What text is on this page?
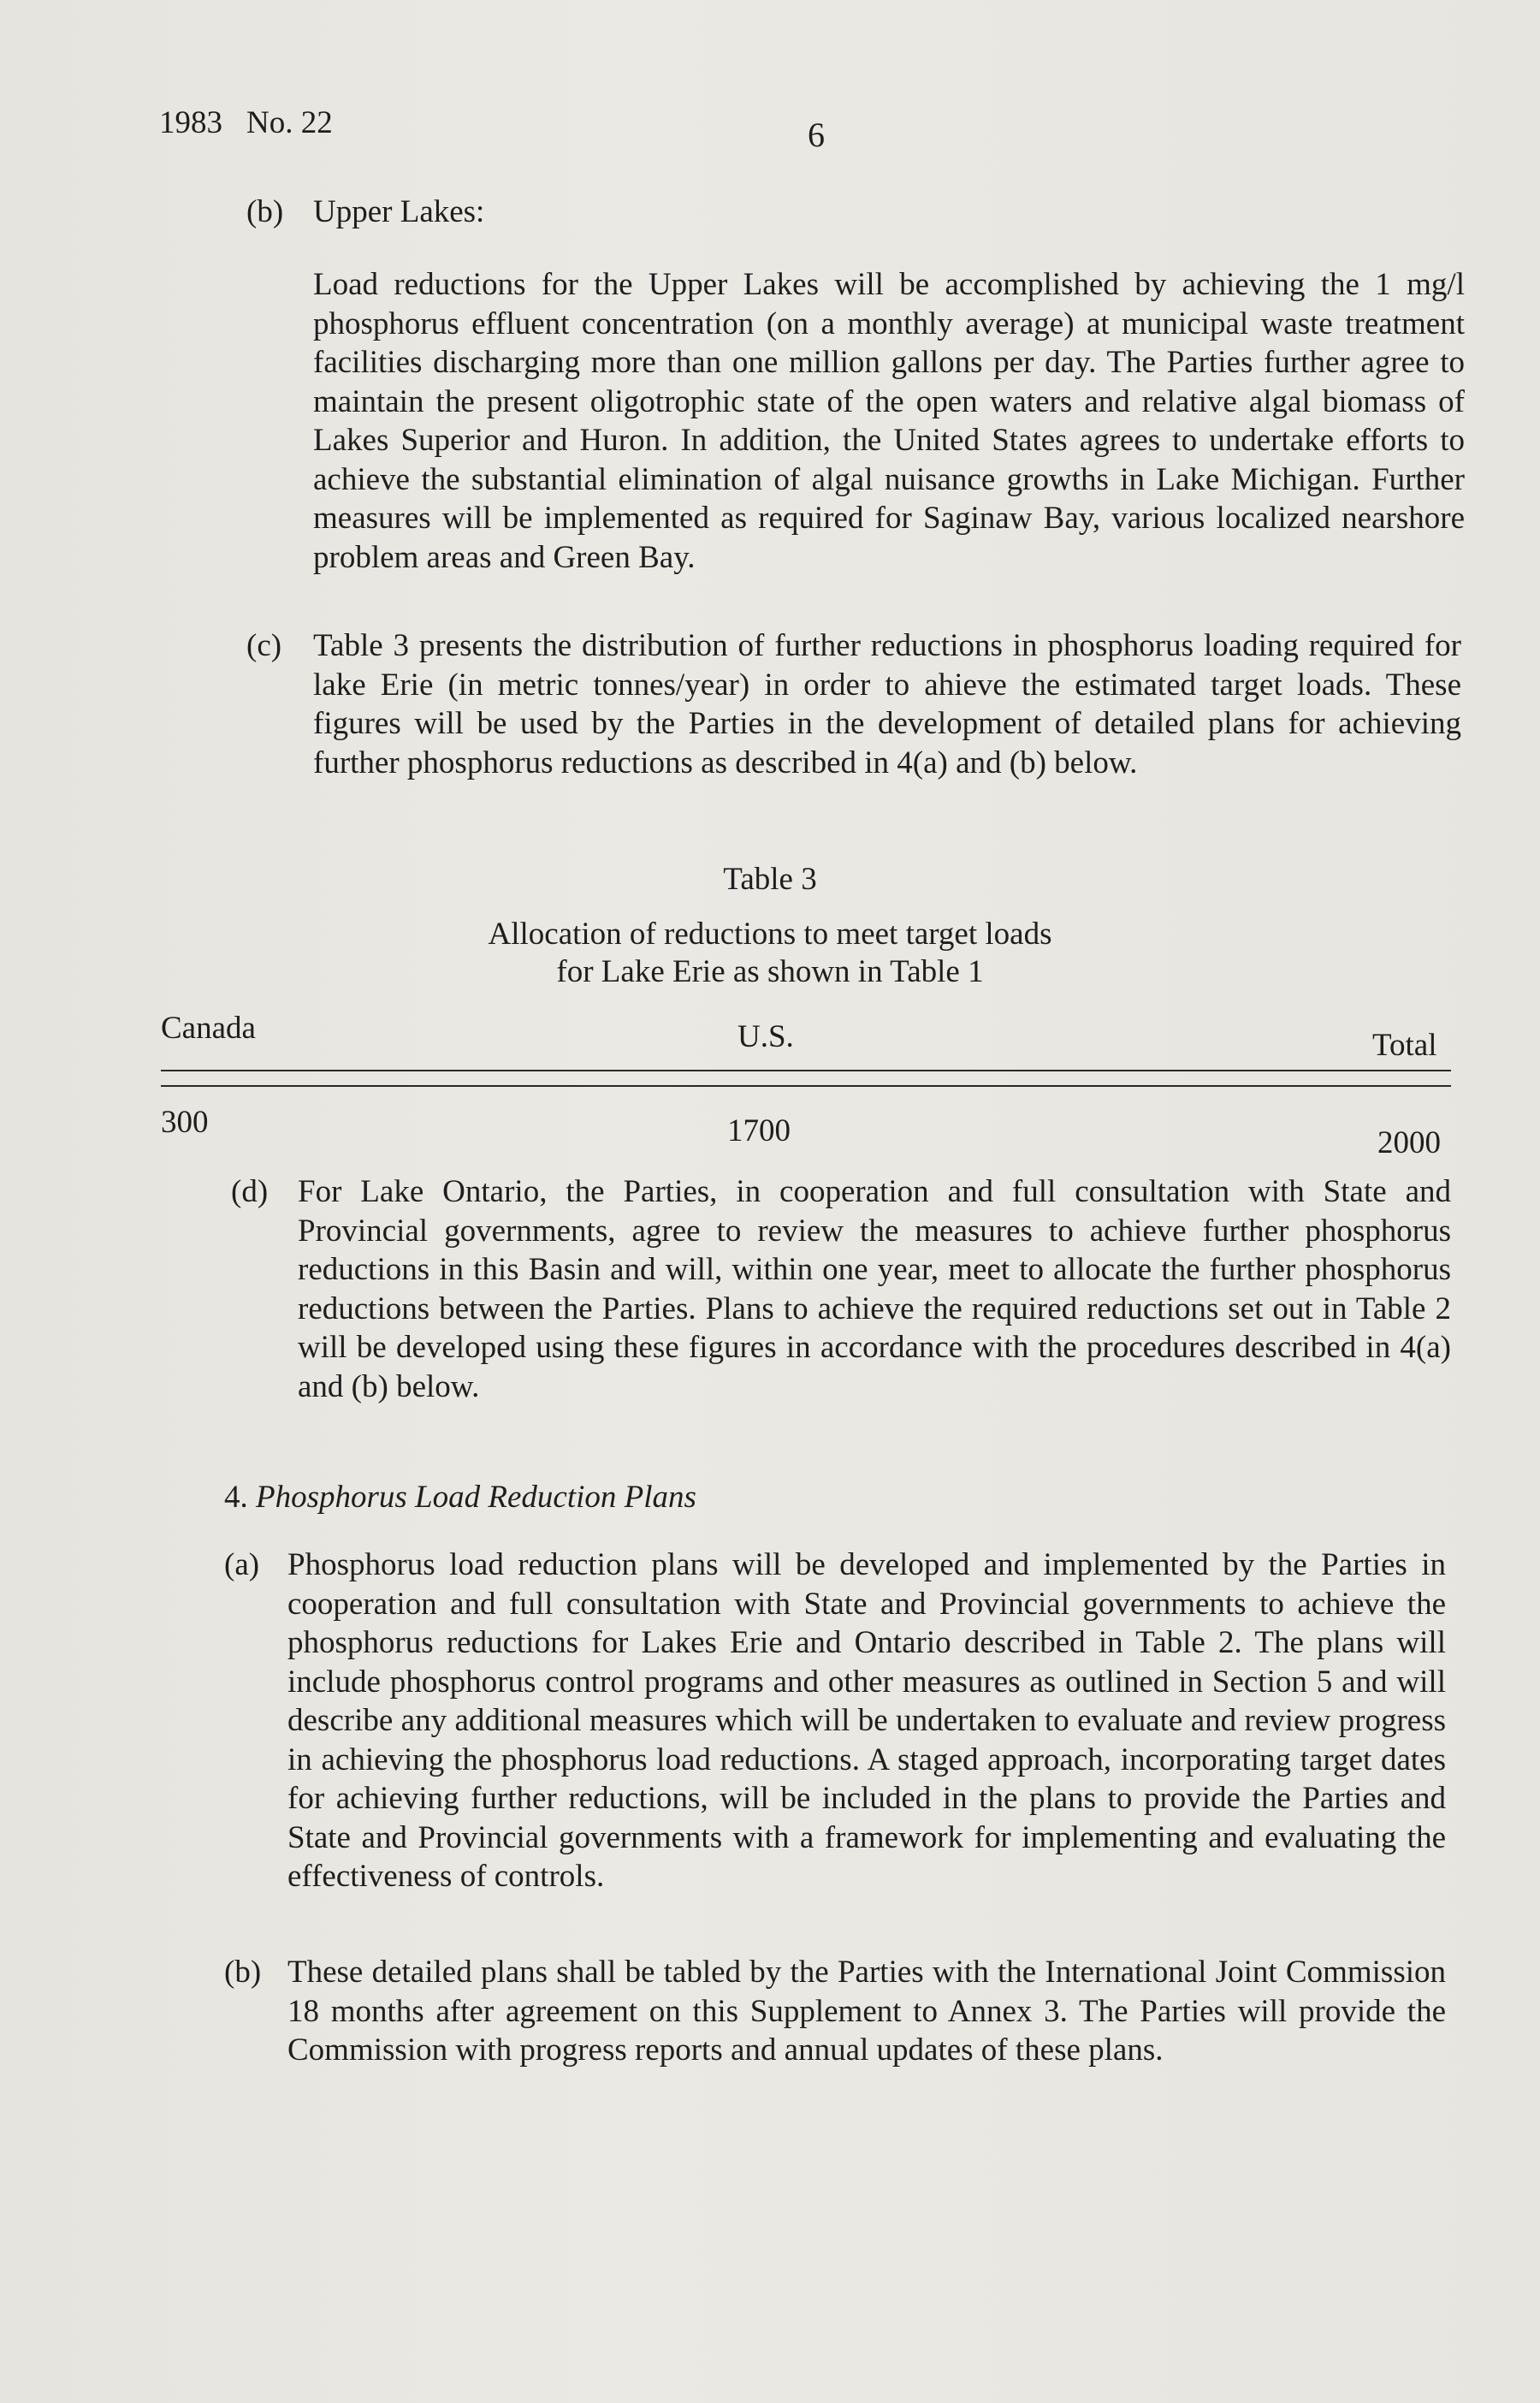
1983 No. 22	6
(b) Upper Lakes:
Load reductions for the Upper Lakes will be accomplished by achieving the 1 mg/l phosphorus effluent concentration (on a monthly average) at municipal waste treatment facilities discharging more than one million gallons per day. The Parties further agree to maintain the present oligotrophic state of the open waters and relative algal biomass of Lakes Superior and Huron. In addition, the United States agrees to undertake efforts to achieve the substantial elimination of algal nuisance growths in Lake Michigan. Further measures will be implemented as required for Saginaw Bay, various localized nearshore problem areas and Green Bay.
(c) Table 3 presents the distribution of further reductions in phosphorus loading required for lake Erie (in metric tonnes/year) in order to ahieve the estimated target loads. These figures will be used by the Parties in the development of detailed plans for achieving further phosphorus reductions as described in 4(a) and (b) below.
Table 3
Allocation of reductions to meet target loads
for Lake Erie as shown in Table 1
Canada	U.S.	Total
300	1700	2000
(d) For Lake Ontario, the Parties, in cooperation and full consultation with State and Provincial governments, agree to review the measures to achieve further phosphorus reductions in this Basin and will, within one year, meet to allocate the further phosphorus reductions between the Parties. Plans to achieve the required reductions set out in Table 2 will be developed using these figures in accordance with the procedures described in 4(a) and (b) below.
4. Phosphorus Load Reduction Plans
(a) Phosphorus load reduction plans will be developed and implemented by the Parties in cooperation and full consultation with State and Provincial governments to achieve the phosphorus reductions for Lakes Erie and Ontario described in Table 2. The plans will include phosphorus control programs and other measures as outlined in Section 5 and will describe any additional measures which will be undertaken to evaluate and review progress in achieving the phosphorus load reductions. A staged approach, incorporating target dates for achieving further reductions, will be included in the plans to provide the Parties and State and Provincial governments with a framework for implementing and evaluating the effectiveness of controls.
(b) These detailed plans shall be tabled by the Parties with the International Joint Commission 18 months after agreement on this Supplement to Annex 3. The Parties will provide the Commission with progress reports and annual updates of these plans.
